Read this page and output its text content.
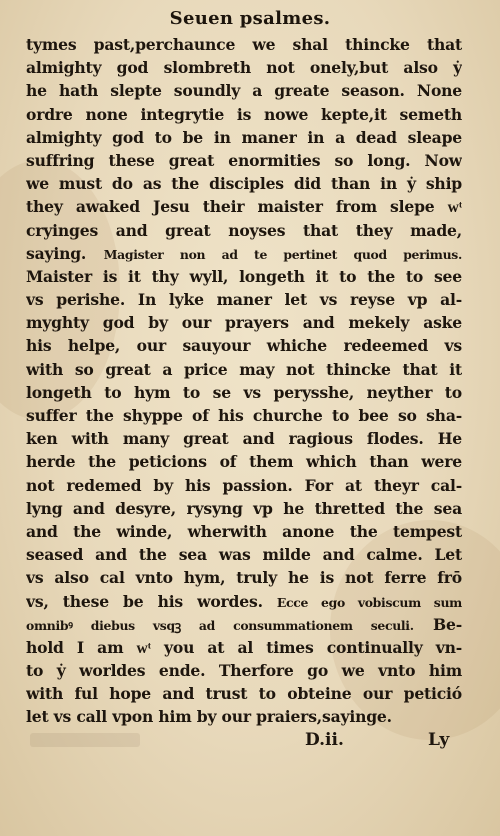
Seuen psalmes.
tymes past,perchaunce we shal thincke that
almighty god slombreth not onely,but also ẏ
he hath slepte soundly a greate season. None
ordre none integrytie is nowe kepte,it semeth
almighty god to be in maner in a dead sleape
suffring these great enormities so long. Now
we must do as the disciples did than in ẏ ship
they awaked Jesu their maister from slepe wͭ
cryinges and great noyses that they made,
saying. Magister non ad te pertinet quod perimus.
Maister is it thy wyll, longeth it to the to see
vs perishe. In lyke maner let vs reyse vp al-
myghty god by our prayers and mekely aske
his helpe, our sauyour whiche redeemed vs
with so great a price may not thincke that it
longeth to hym to se vs perysshe, neyther to
suffer the shyppe of his churche to bee so sha-
ken with many great and ragious flodes. He
herde the peticions of them which than were
not redemed by his passion. For at theyr cal-
lyng and desyre, rysyng vp he thretted the sea
and the winde, wherwith anone the tempest
seased and the sea was milde and calme. Let
vs also cal vnto hym, truly he is not ferre frō
vs, these be his wordes. Ecce ego vobiscum sum
omnibꝰ diebus vsqꝫ ad consummationem seculi. Be-
hold I am wͭ you at al times continually vn-
to ẏ worldes ende. Therfore go we vnto him
with ful hope and trust to obteine our petició
let vs call vpon him by our praiers,sayinge.
D.ii.	Ly
